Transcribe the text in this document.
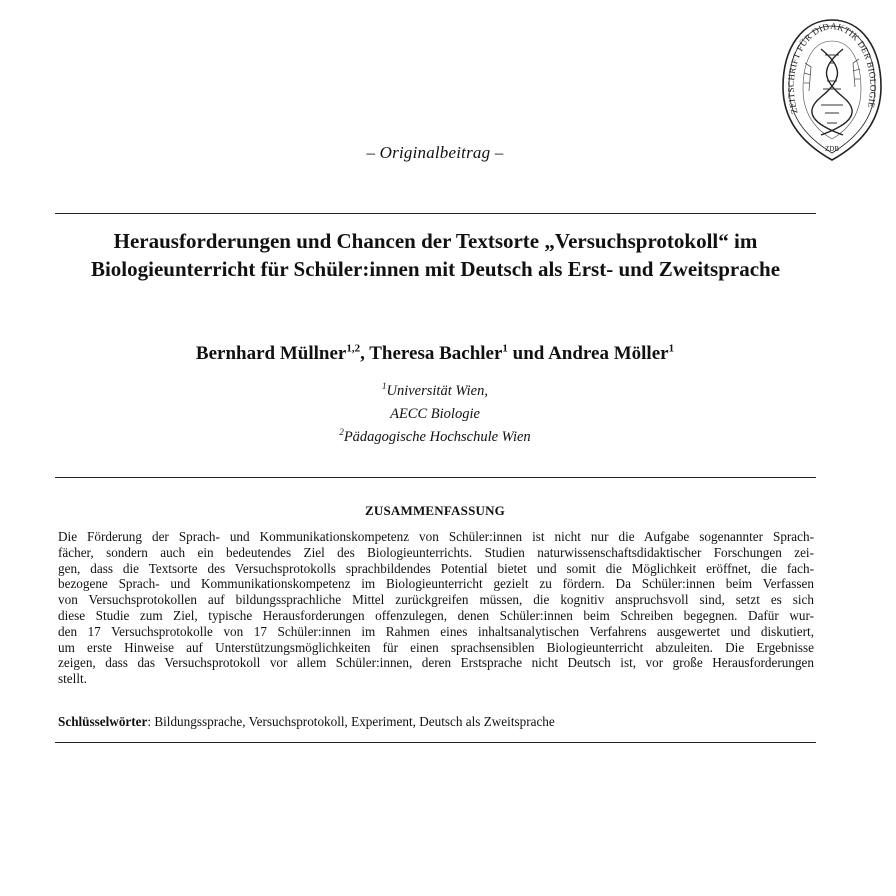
ZEITSCHRIFT FÜR DIDAKTIK DER BIOLOGIE
ZDB
– Originalbeitrag –
Herausforderungen und Chancen der Textsorte „Versuchsprotokoll“ im Biologieunterricht für Schüler:innen mit Deutsch als Erst- und Zweitsprache
Bernhard Müllner$^{1,2}$, Theresa Bachler$^1$ und Andrea Möller$^1$
$^1$Universität Wien,
AECC Biologie
$^2$Pädagogische Hochschule Wien
ZUSAMMENFASSUNG
Die Förderung der Sprach- und Kommunikationskompetenz von Schüler:innen ist nicht nur die Aufgabe sogenannter Sprach-
fächer, sondern auch ein bedeutendes Ziel des Biologieunterrichts. Studien naturwissenschaftsdidaktischer Forschungen zei-
gen, dass die Textsorte des Versuchsprotokolls sprachbildendes Potential bietet und somit die Möglichkeit eröffnet, die fach-
bezogene Sprach- und Kommunikationskompetenz im Biologieunterricht gezielt zu fördern. Da Schüler:innen beim Verfassen
von Versuchsprotokollen auf bildungssprachliche Mittel zurückgreifen müssen, die kognitiv anspruchsvoll sind, setzt es sich
diese Studie zum Ziel, typische Herausforderungen offenzulegen, denen Schüler:innen beim Schreiben begegnen. Dafür wur-
den 17 Versuchsprotokolle von 17 Schüler:innen im Rahmen eines inhaltsanalytischen Verfahrens ausgewertet und diskutiert,
um erste Hinweise auf Unterstützungsmöglichkeiten für einen sprachsensiblen Biologieunterricht abzuleiten. Die Ergebnisse
zeigen, dass das Versuchsprotokoll vor allem Schüler:innen, deren Erstsprache nicht Deutsch ist, vor große Herausforderungen
stellt.
Schlüsselwörter: Bildungssprache, Versuchsprotokoll, Experiment, Deutsch als Zweitsprache
